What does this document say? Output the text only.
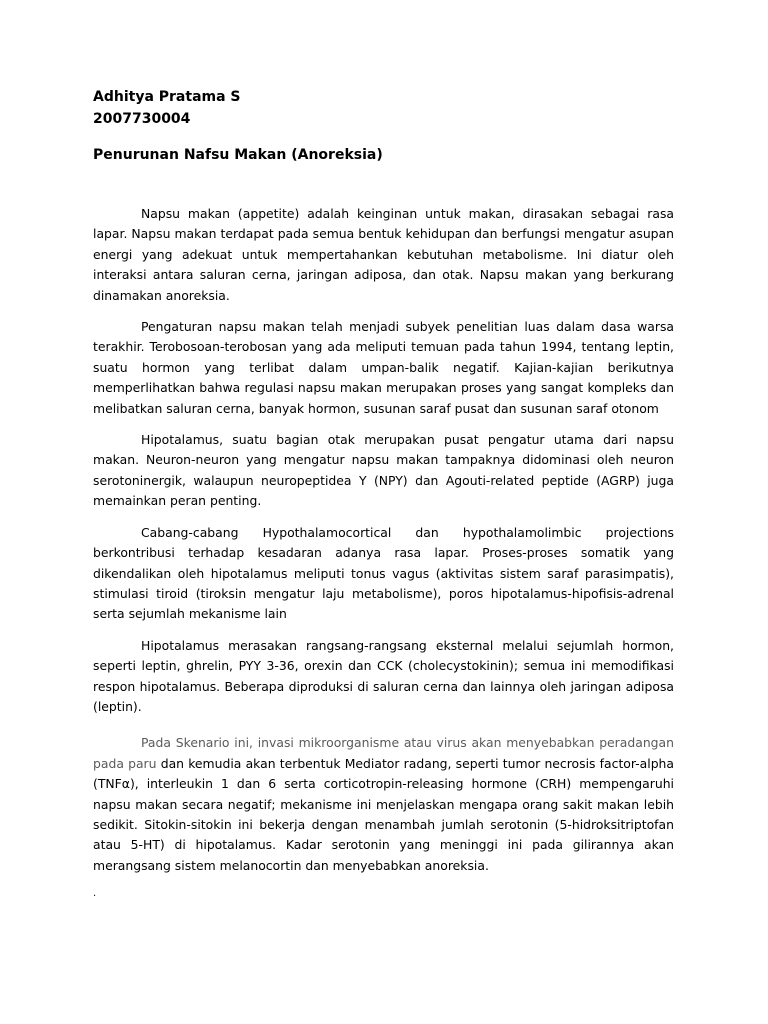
Adhitya Pratama S

2007730004

Penurunan Nafsu Makan (Anoreksia)

Napsu makan (appetite) adalah keinginan untuk makan, dirasakan sebagai rasa lapar. Napsu makan terdapat pada semua bentuk kehidupan dan berfungsi mengatur asupan energi yang adekuat untuk mempertahankan kebutuhan metabolisme. Ini diatur oleh interaksi antara saluran cerna, jaringan adiposa, dan otak. Napsu makan yang berkurang dinamakan anoreksia.

Pengaturan napsu makan telah menjadi subyek penelitian luas dalam dasa warsa terakhir. Terobosoan-terobosan yang ada meliputi temuan pada tahun 1994, tentang leptin, suatu hormon yang terlibat dalam umpan-balik negatif. Kajian-kajian berikutnya memperlihatkan bahwa regulasi napsu makan merupakan proses yang sangat kompleks dan melibatkan saluran cerna, banyak hormon, susunan saraf pusat dan susunan saraf otonom

Hipotalamus, suatu bagian otak merupakan pusat pengatur utama dari napsu makan. Neuron-neuron yang mengatur napsu makan tampaknya didominasi oleh neuron serotoninergik, walaupun neuropeptidea Y (NPY) dan Agouti-related peptide (AGRP) juga memainkan peran penting.

Cabang-cabang Hypothalamocortical dan hypothalamolimbic projections berkontribusi terhadap kesadaran adanya rasa lapar. Proses-proses somatik yang dikendalikan oleh hipotalamus meliputi tonus vagus (aktivitas sistem saraf parasimpatis), stimulasi tiroid (tiroksin mengatur laju metabolisme), poros hipotalamus-hipofisis-adrenal serta sejumlah mekanisme lain

Hipotalamus merasakan rangsang-rangsang eksternal melalui sejumlah hormon, seperti leptin, ghrelin, PYY 3-36, orexin dan CCK (cholecystokinin); semua ini memodifikasi respon hipotalamus. Beberapa diproduksi di saluran cerna dan lainnya oleh jaringan adiposa (leptin).

Pada Skenario ini, invasi mikroorganisme atau virus akan menyebabkan peradangan pada paru dan kemudia akan terbentuk Mediator radang, seperti tumor necrosis factor-alpha (TNFα), interleukin 1 dan 6 serta corticotropin-releasing hormone (CRH) mempengaruhi napsu makan secara negatif; mekanisme ini menjelaskan mengapa orang sakit makan lebih sedikit. Sitokin-sitokin ini bekerja dengan menambah jumlah serotonin (5-hidroksitriptofan atau 5-HT) di hipotalamus. Kadar serotonin yang meninggi ini pada gilirannya akan merangsang sistem melanocortin dan menyebabkan anoreksia.

.
